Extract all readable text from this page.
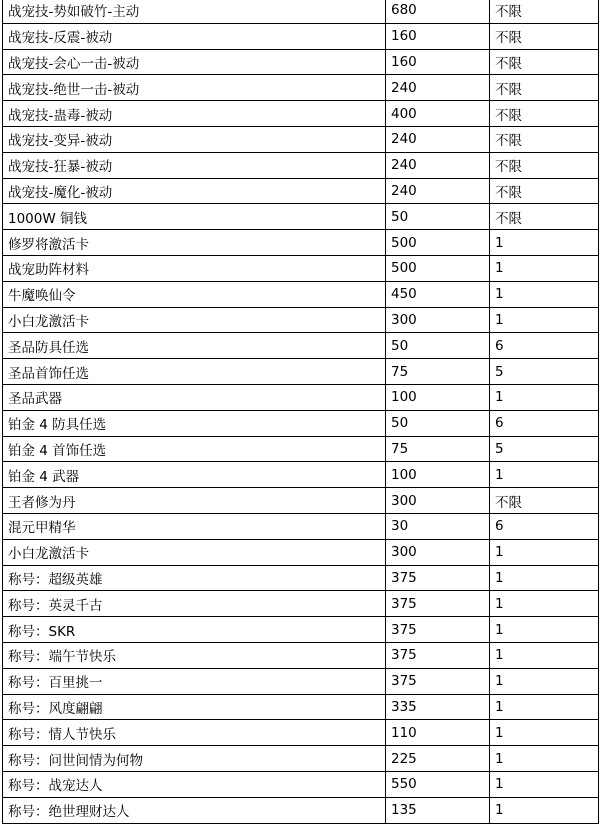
战宠技-势如破竹-主动	680	不限
战宠技-反震-被动	160	不限
战宠技-会心一击-被动	160	不限
战宠技-绝世一击-被动	240	不限
战宠技-蛊毒-被动	400	不限
战宠技-变异-被动	240	不限
战宠技-狂暴-被动	240	不限
战宠技-魔化-被动	240	不限
1000W 铜钱	50	不限
修罗将激活卡	500	1
战宠助阵材料	500	1
牛魔唤仙令	450	1
小白龙激活卡	300	1
圣品防具任选	50	6
圣品首饰任选	75	5
圣品武器	100	1
铂金 4 防具任选	50	6
铂金 4 首饰任选	75	5
铂金 4 武器	100	1
王者修为丹	300	不限
混元甲精华	30	6
小白龙激活卡	300	1
称号：超级英雄	375	1
称号：英灵千古	375	1
称号：SKR	375	1
称号：端午节快乐	375	1
称号：百里挑一	375	1
称号：风度翩翩	335	1
称号：情人节快乐	110	1
称号：问世间情为何物	225	1
称号：战宠达人	550	1
称号：绝世理财达人	135	1
